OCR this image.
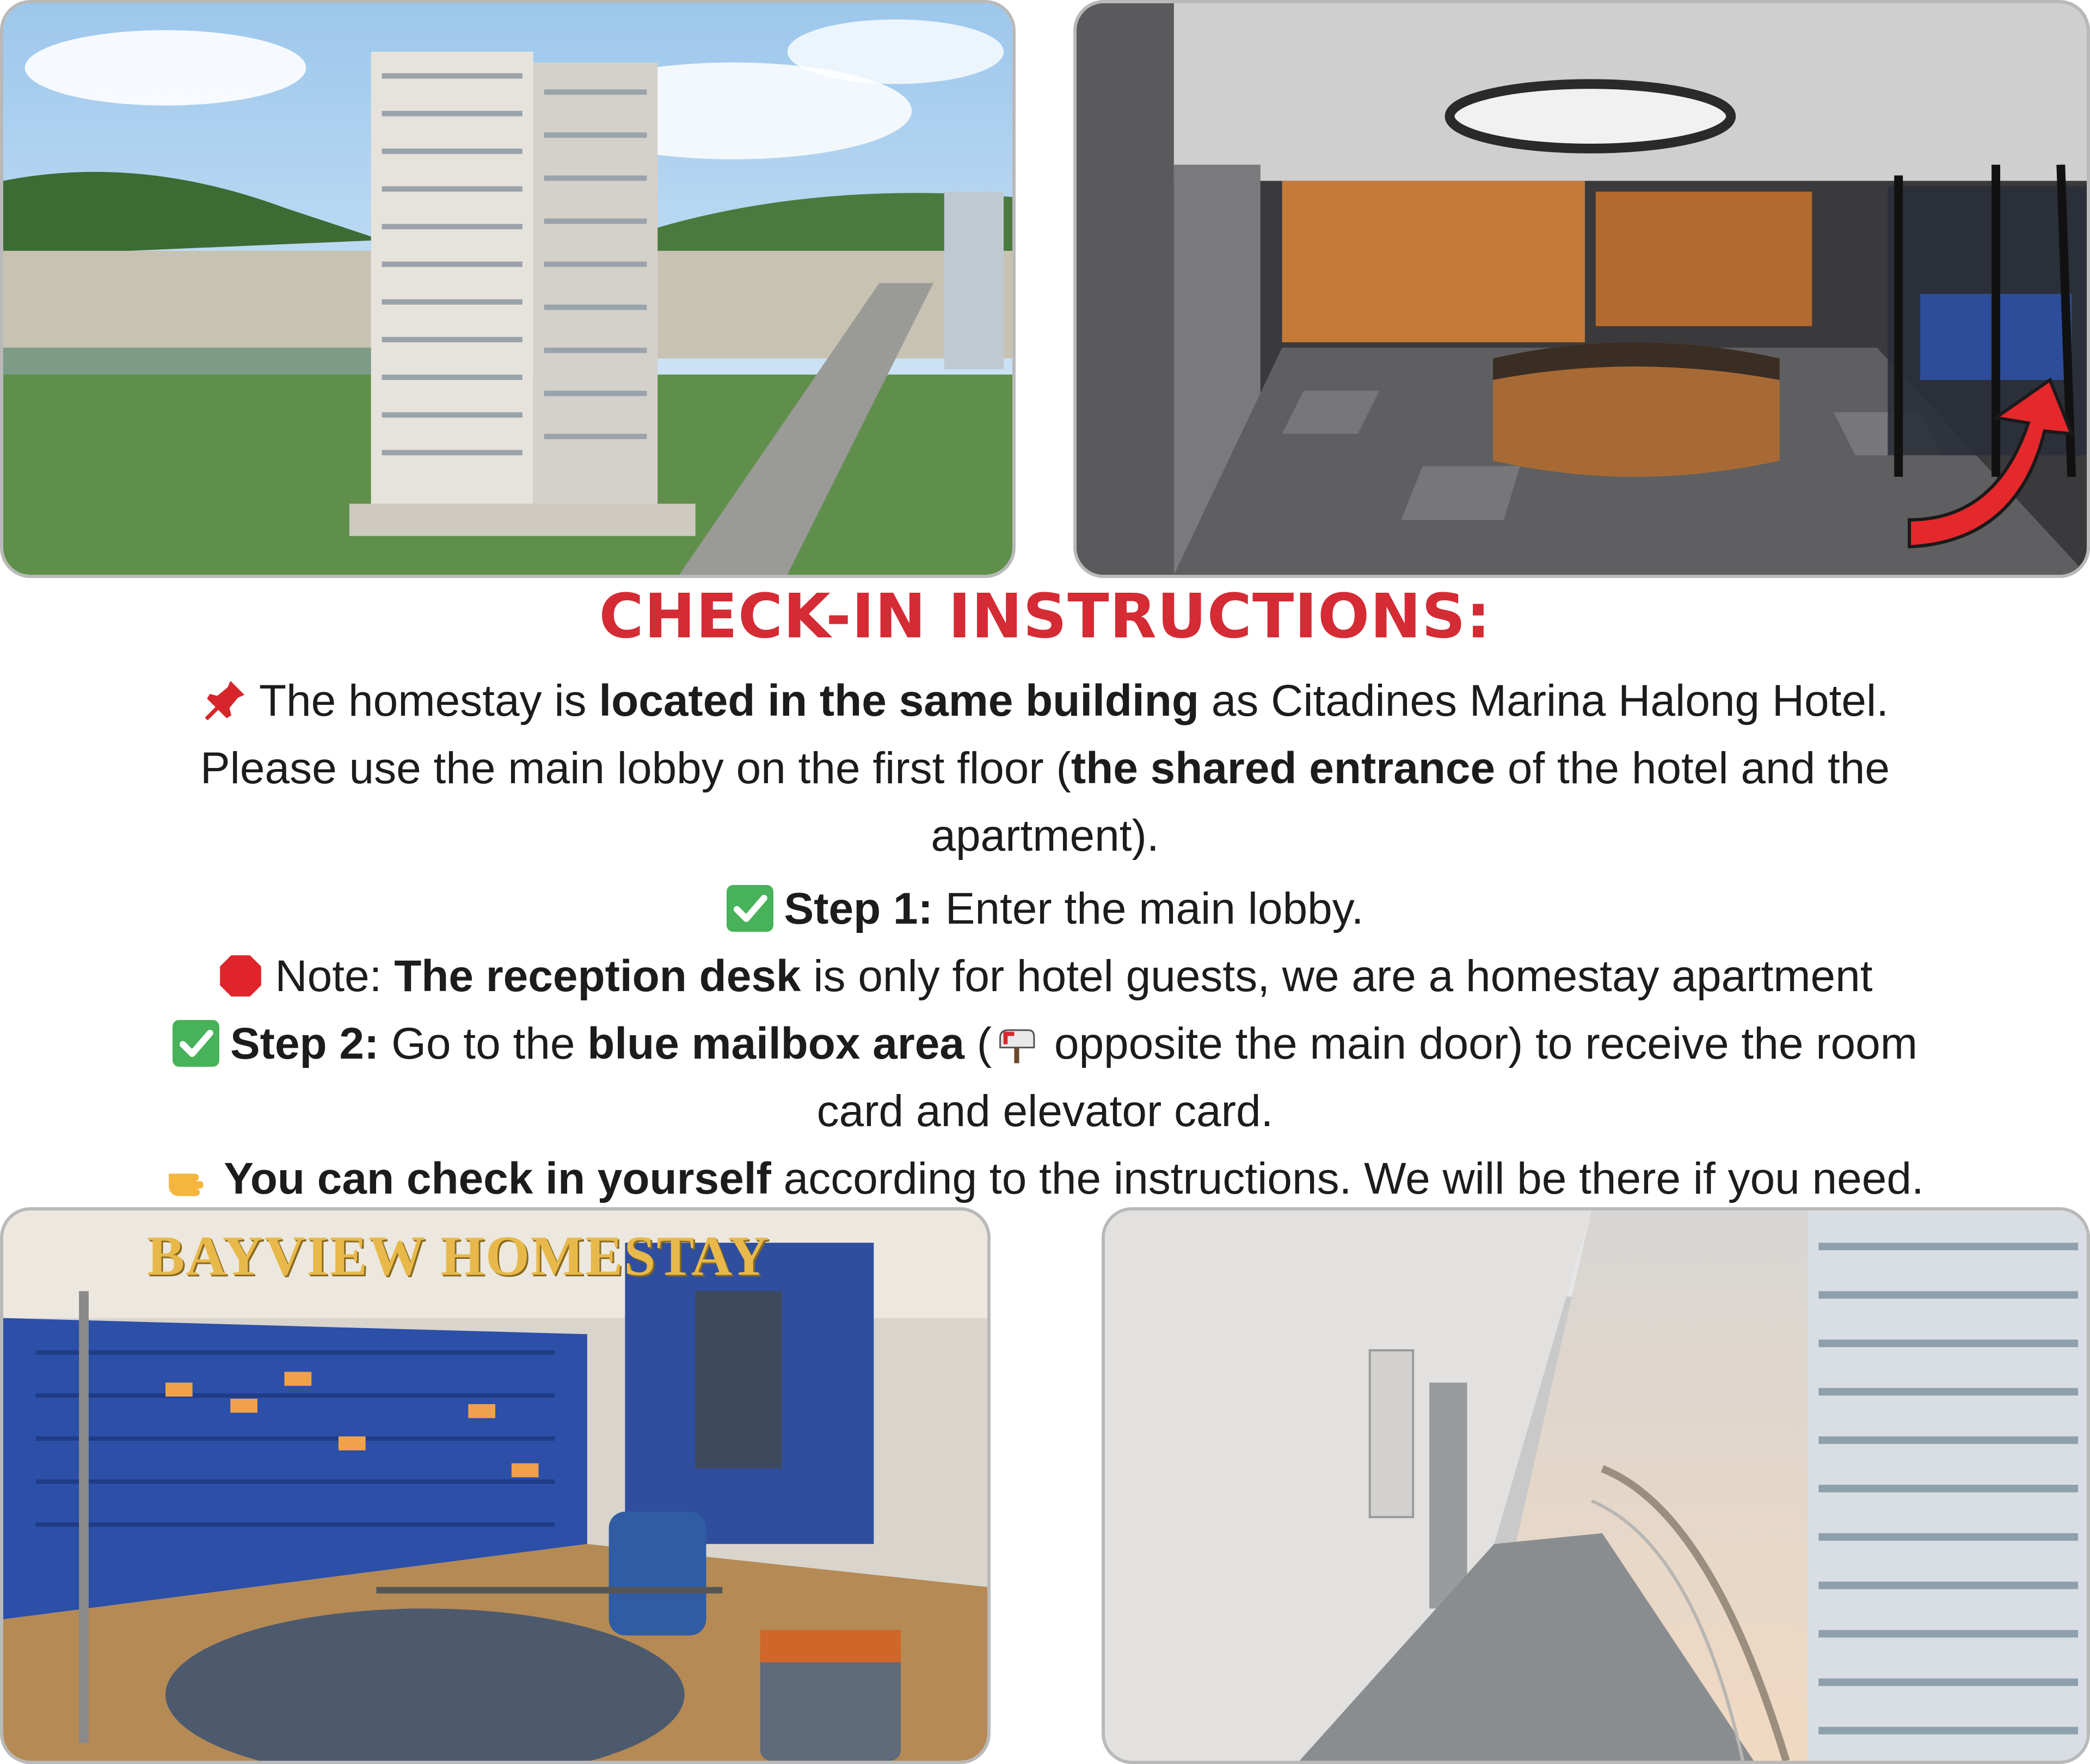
CHECK-IN INSTRUCTIONS:
The homestay is located in the same building as Citadines Marina Halong Hotel.
Please use the main lobby on the first floor (the shared entrance of the hotel and the
apartment).
Step 1: Enter the main lobby.
Note: The reception desk is only for hotel guests, we are a homestay apartment
Step 2: Go to the blue mailbox area (
opposite the main door) to receive the room
card and elevator card.
You can check in yourself according to the instructions. We will be there if you need.
BAYVIEW HOMESTAY
